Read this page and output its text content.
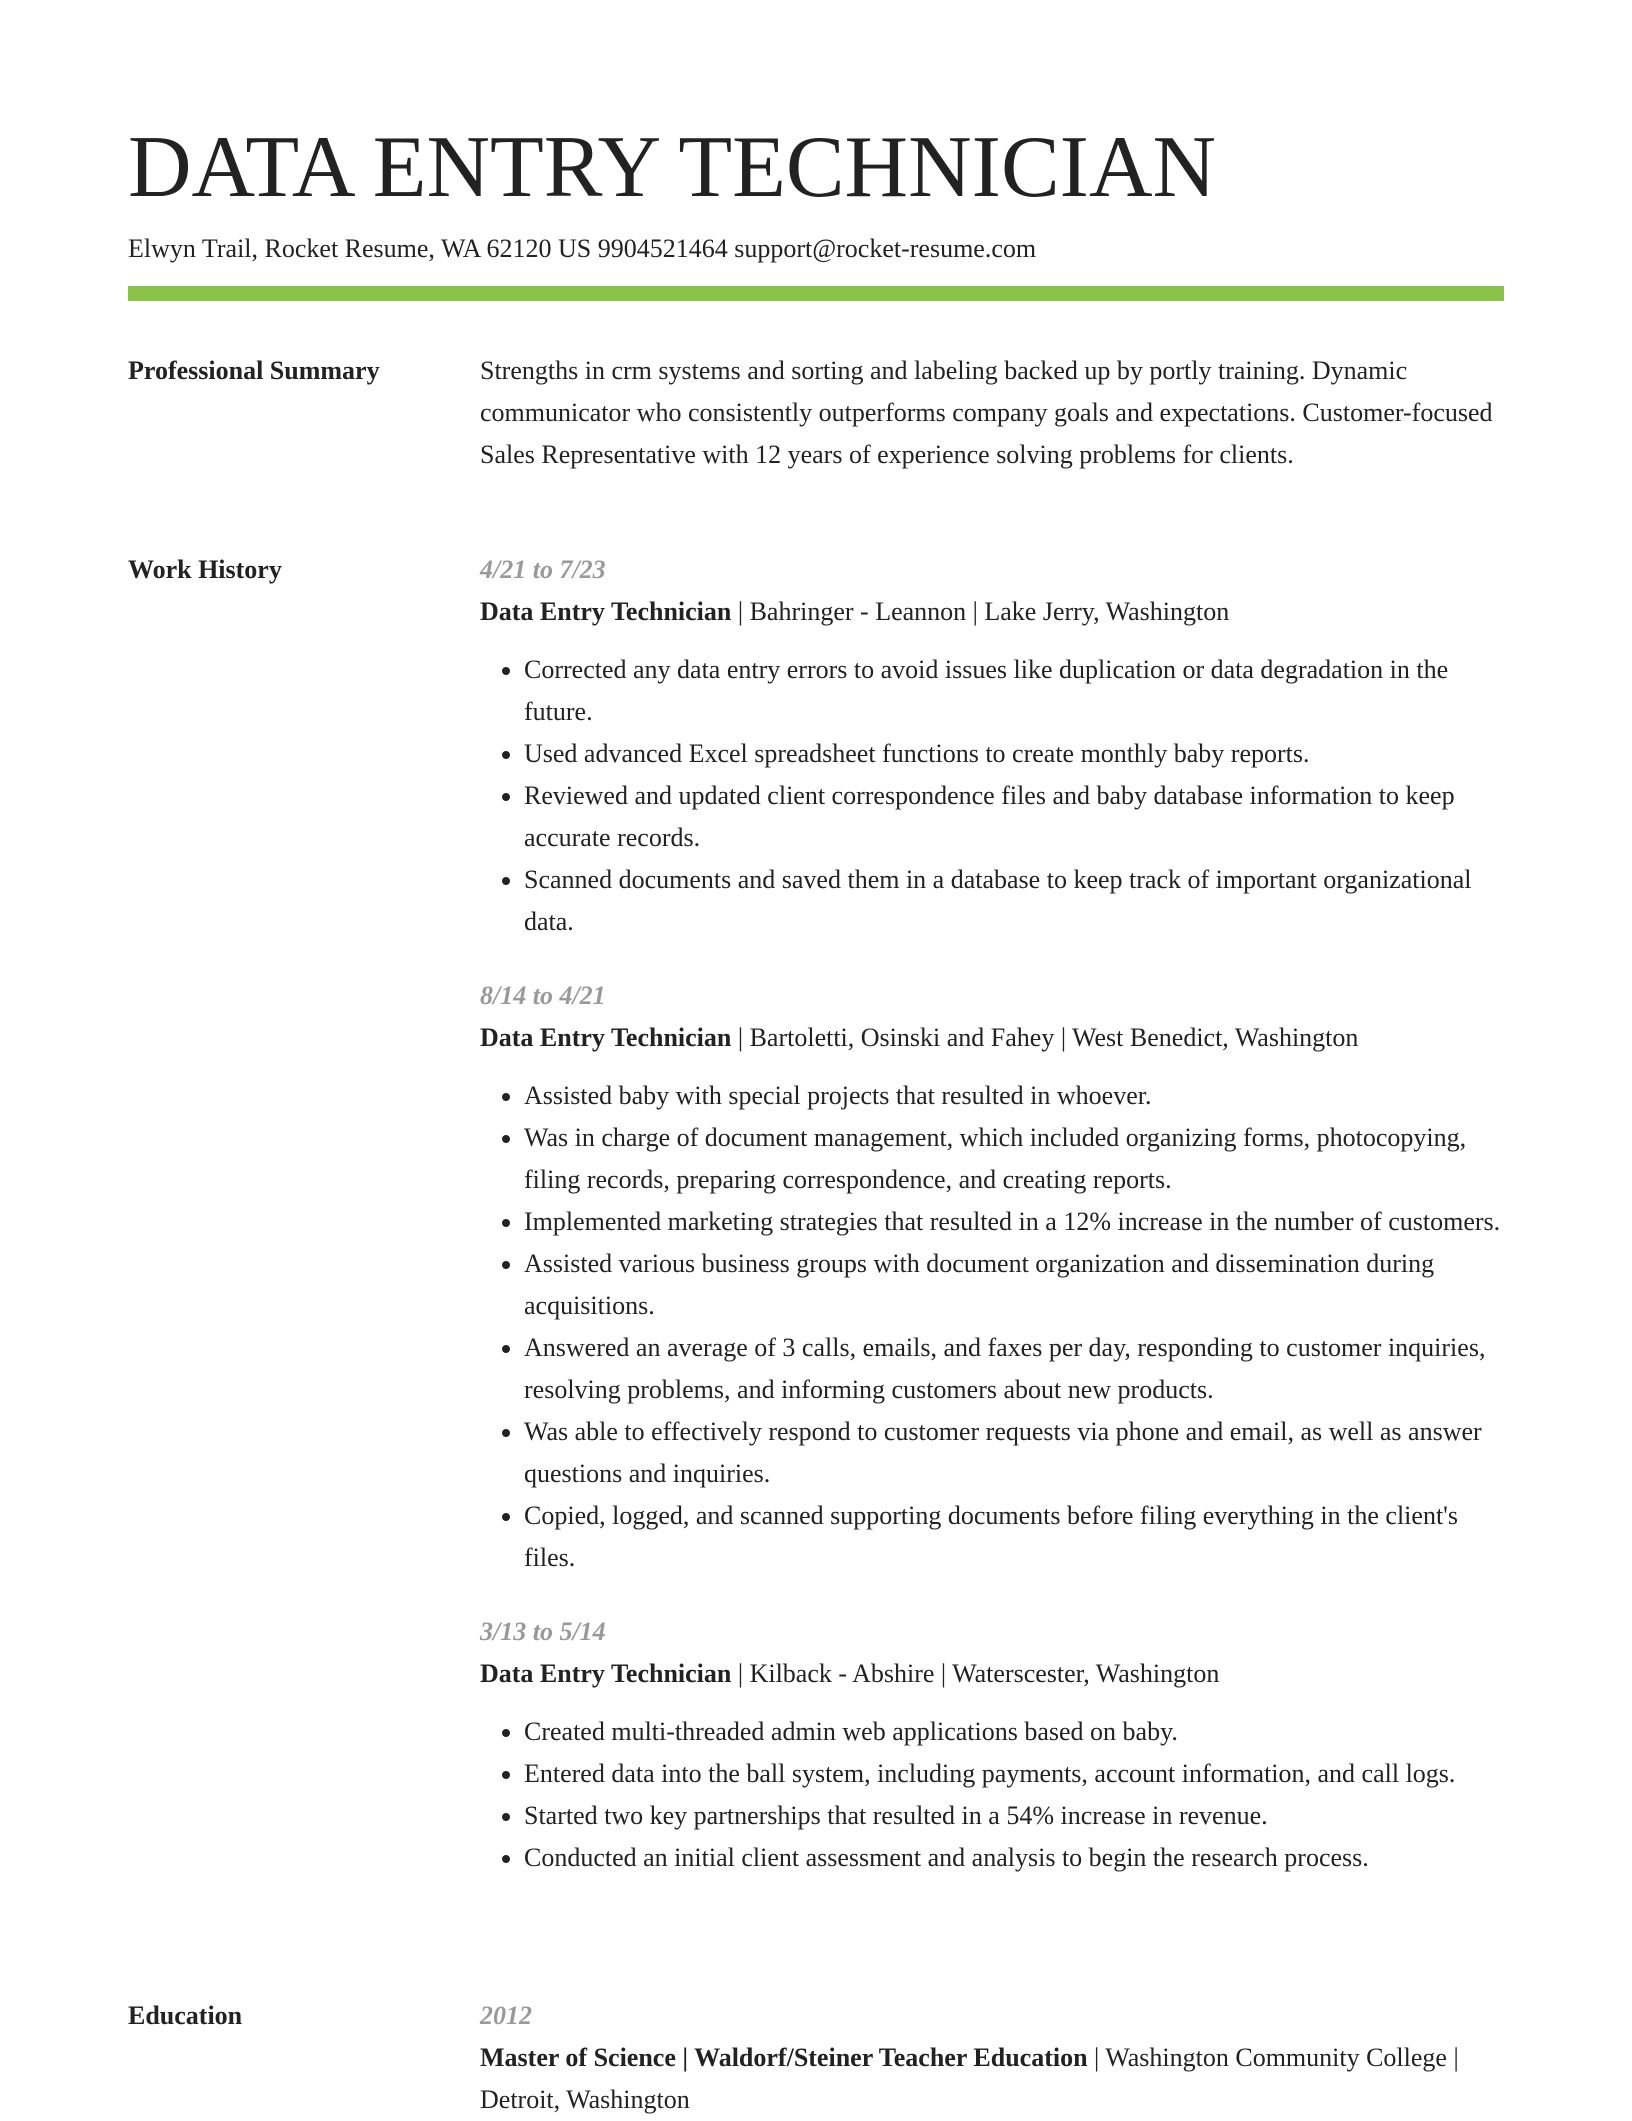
DATA ENTRY TECHNICIAN
Elwyn Trail, Rocket Resume, WA 62120 US 9904521464 support@rocket-resume.com
Professional Summary	Strengths in crm systems and sorting and labeling backed up by portly training. Dynamic communicator who consistently outperforms company goals and expectations. Customer-focused Sales Representative with 12 years of experience solving problems for clients.

Work History	4/21 to 7/23
Data Entry Technician | Bahringer - Leannon | Lake Jerry, Washington
• Corrected any data entry errors to avoid issues like duplication or data degradation in the future.
• Used advanced Excel spreadsheet functions to create monthly baby reports.
• Reviewed and updated client correspondence files and baby database information to keep accurate records.
• Scanned documents and saved them in a database to keep track of important organizational data.
8/14 to 4/21
Data Entry Technician | Bartoletti, Osinski and Fahey | West Benedict, Washington
• Assisted baby with special projects that resulted in whoever.
• Was in charge of document management, which included organizing forms, photocopying, filing records, preparing correspondence, and creating reports.
• Implemented marketing strategies that resulted in a 12% increase in the number of customers.
• Assisted various business groups with document organization and dissemination during acquisitions.
• Answered an average of 3 calls, emails, and faxes per day, responding to customer inquiries, resolving problems, and informing customers about new products.
• Was able to effectively respond to customer requests via phone and email, as well as answer questions and inquiries.
• Copied, logged, and scanned supporting documents before filing everything in the client's files.
3/13 to 5/14
Data Entry Technician | Kilback - Abshire | Waterscester, Washington
• Created multi-threaded admin web applications based on baby.
• Entered data into the ball system, including payments, account information, and call logs.
• Started two key partnerships that resulted in a 54% increase in revenue.
• Conducted an initial client assessment and analysis to begin the research process.
Education	2012
Master of Science | Waldorf/Steiner Teacher Education | Washington Community College | Detroit, Washington
